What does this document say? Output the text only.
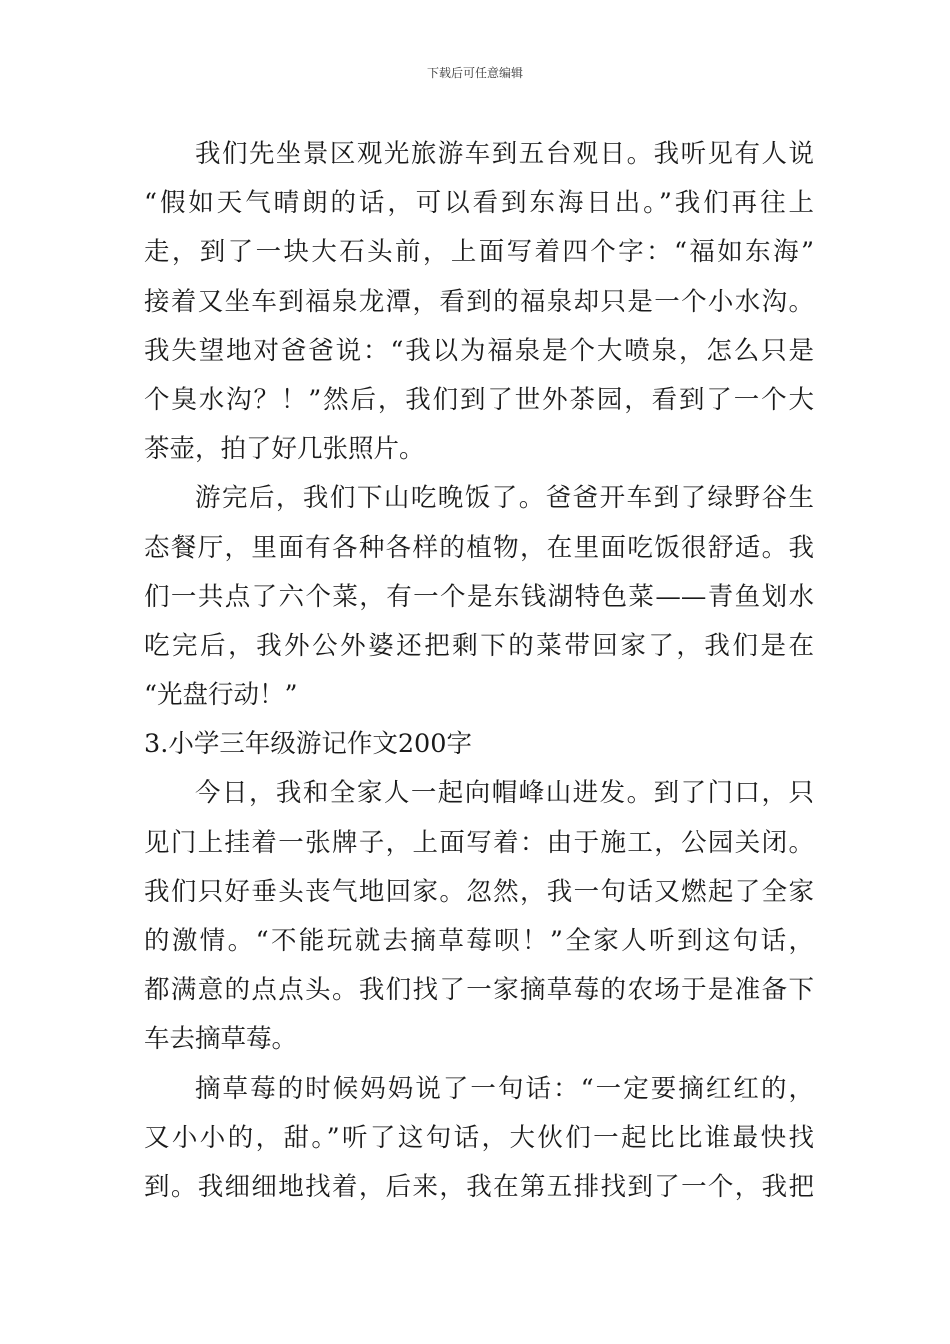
下载后可任意编辑
我们先坐景区观光旅游车到五台观日。我听见有人说
“假如天气晴朗的话，可以看到东海日出。”我们再往上
走，到了一块大石头前，上面写着四个字：“福如东海”
接着又坐车到福泉龙潭，看到的福泉却只是一个小水沟。
我失望地对爸爸说：“我以为福泉是个大喷泉，怎么只是
个臭水沟？！”然后，我们到了世外茶园，看到了一个大
茶壶，拍了好几张照片。
游完后，我们下山吃晚饭了。爸爸开车到了绿野谷生
态餐厅，里面有各种各样的植物，在里面吃饭很舒适。我
们一共点了六个菜，有一个是东钱湖特色菜——青鱼划水
吃完后，我外公外婆还把剩下的菜带回家了，我们是在
“光盘行动！”
3.小学三年级游记作文200字
今日，我和全家人一起向帽峰山进发。到了门口，只
见门上挂着一张牌子，上面写着：由于施工，公园关闭。
我们只好垂头丧气地回家。忽然，我一句话又燃起了全家
的激情。“不能玩就去摘草莓呗！”全家人听到这句话，
都满意的点点头。我们找了一家摘草莓的农场于是准备下
车去摘草莓。
摘草莓的时候妈妈说了一句话：“一定要摘红红的，
又小小的，甜。”听了这句话，大伙们一起比比谁最快找
到。我细细地找着，后来，我在第五排找到了一个，我把
